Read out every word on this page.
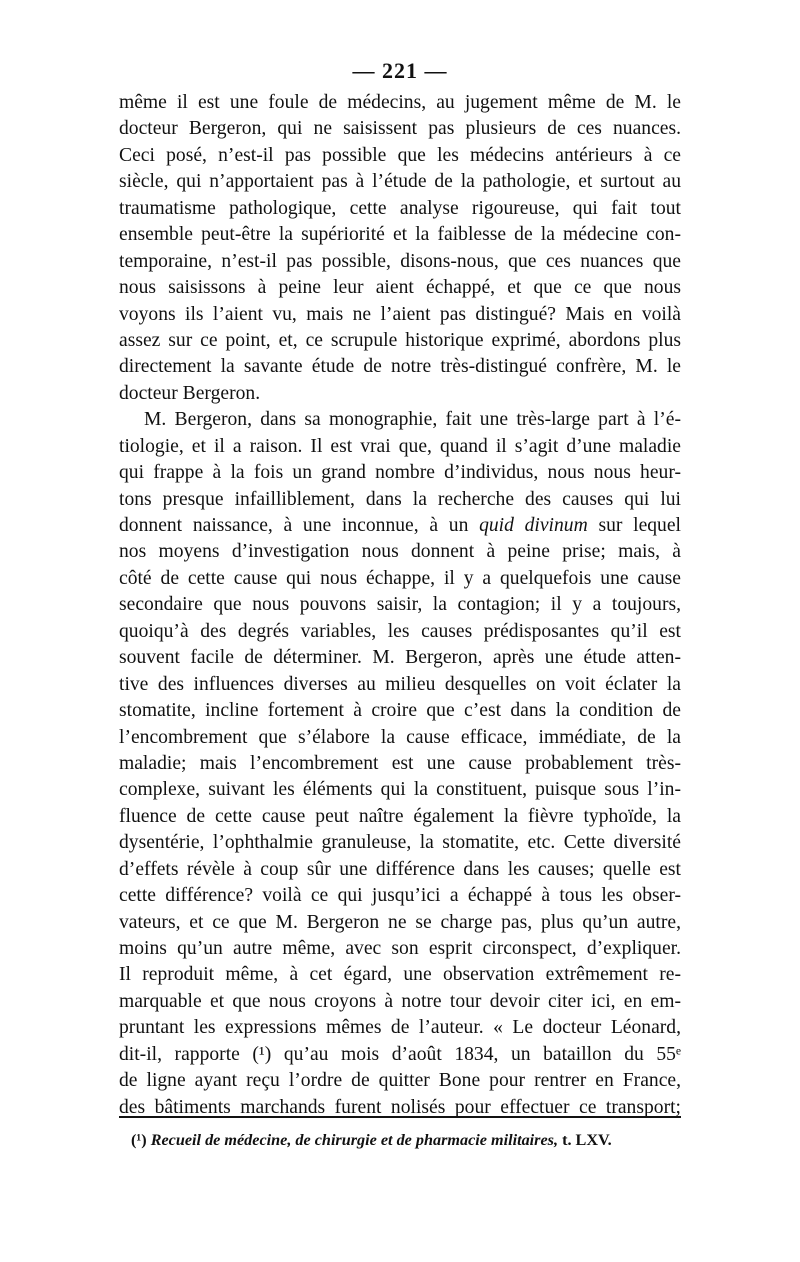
— 221 —
même il est une foule de médecins, au jugement même de M. le
docteur Bergeron, qui ne saisissent pas plusieurs de ces nuances.
Ceci posé, n’est-il pas possible que les médecins antérieurs à ce
siècle, qui n’apportaient pas à l’étude de la pathologie, et surtout au
traumatisme pathologique, cette analyse rigoureuse, qui fait tout
ensemble peut-être la supériorité et la faiblesse de la médecine con-
temporaine, n’est-il pas possible, disons-nous, que ces nuances que
nous saisissons à peine leur aient échappé, et que ce que nous
voyons ils l’aient vu, mais ne l’aient pas distingué? Mais en voilà
assez sur ce point, et, ce scrupule historique exprimé, abordons plus
directement la savante étude de notre très-distingué confrère, M. le
docteur Bergeron.
M. Bergeron, dans sa monographie, fait une très-large part à l’é-
tiologie, et il a raison. Il est vrai que, quand il s’agit d’une maladie
qui frappe à la fois un grand nombre d’individus, nous nous heur-
tons presque infailliblement, dans la recherche des causes qui lui
donnent naissance, à une inconnue, à un quid divinum sur lequel
nos moyens d’investigation nous donnent à peine prise; mais, à
côté de cette cause qui nous échappe, il y a quelquefois une cause
secondaire que nous pouvons saisir, la contagion; il y a toujours,
quoiqu’à des degrés variables, les causes prédisposantes qu’il est
souvent facile de déterminer. M. Bergeron, après une étude atten-
tive des influences diverses au milieu desquelles on voit éclater la
stomatite, incline fortement à croire que c’est dans la condition de
l’encombrement que s’élabore la cause efficace, immédiate, de la
maladie; mais l’encombrement est une cause probablement très-
complexe, suivant les éléments qui la constituent, puisque sous l’in-
fluence de cette cause peut naître également la fièvre typhoïde, la
dysentérie, l’ophthalmie granuleuse, la stomatite, etc. Cette diversité
d’effets révèle à coup sûr une différence dans les causes; quelle est
cette différence? voilà ce qui jusqu’ici a échappé à tous les obser-
vateurs, et ce que M. Bergeron ne se charge pas, plus qu’un autre,
moins qu’un autre même, avec son esprit circonspect, d’expliquer.
Il reproduit même, à cet égard, une observation extrêmement re-
marquable et que nous croyons à notre tour devoir citer ici, en em-
pruntant les expressions mêmes de l’auteur. « Le docteur Léonard,
dit-il, rapporte (¹) qu’au mois d’août 1834, un bataillon du 55ᵉ
de ligne ayant reçu l’ordre de quitter Bone pour rentrer en France,
des bâtiments marchands furent nolisés pour effectuer ce transport;
(¹) Recueil de médecine, de chirurgie et de pharmacie militaires, t. LXV.
